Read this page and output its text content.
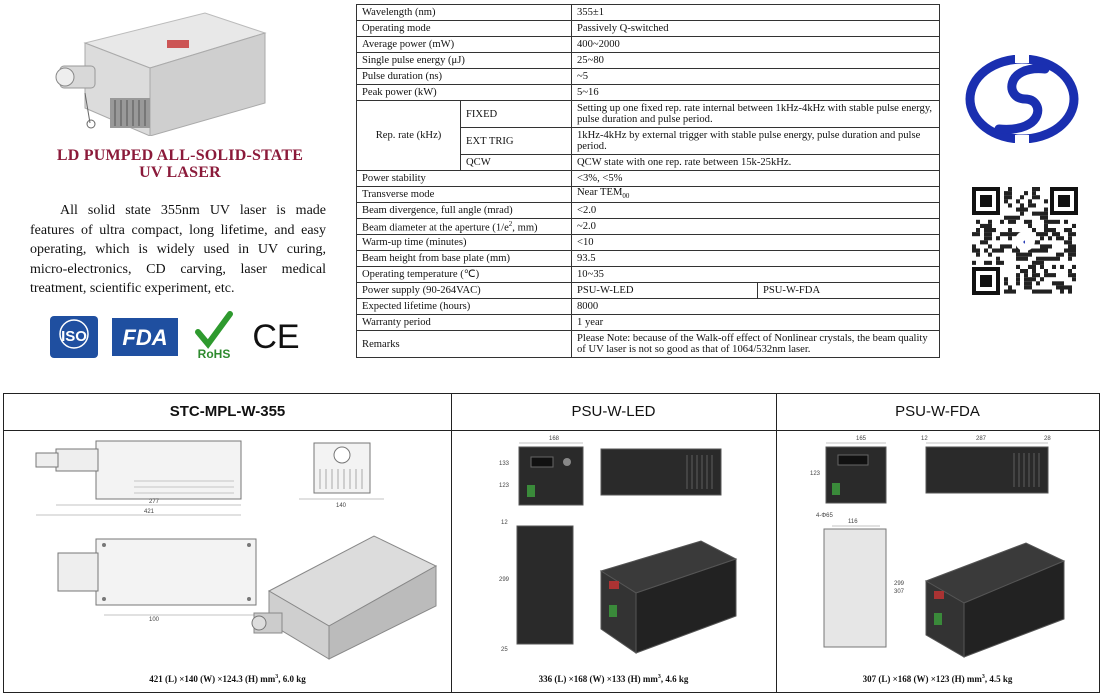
LD PUMPED ALL-SOLID-STATE
UV LASER
All solid state 355nm UV laser is made features of ultra compact, long lifetime, and easy operating, which is widely used in UV curing, micro-electronics, CD carving, laser medical treatment, scientific experiment, etc.
ISO FDA
RoHS CE
Wavelength (nm)		355±1	
Operating mode		Passively Q-switched	
Average power (mW)		400~2000	
Single pulse energy (μJ)		25~80	
Pulse duration (ns)		~5	
Peak power (kW)		5~16	
Rep. rate (kHz)	FIXED	Setting up one fixed rep. rate internal between 1kHz-4kHz with stable pulse energy, pulse duration and pulse period.	
	EXT TRIG	1kHz-4kHz by external trigger with stable pulse energy, pulse duration and pulse period.	
	QCW	QCW state with one rep. rate between 15k-25kHz.	
Power stability		<3%, <5%	
Transverse mode		Near $TEM_{00}$
Beam divergence, full angle (mrad)		<2.0	
Beam diameter at the aperture ($1/e^2$, mm)		~2.0	
Warm-up time (minutes)		<10	
Beam height from base plate (mm)		93.5	
Operating temperature (℃)		10~35	
Power supply (90-264VAC)		PSU-W-LED	PSU-W-FDA
Expected lifetime (hours)		8000	
Warranty period		1 year	
Remarks		Please Note: because of the Walk-off effect of Nonlinear crystals, the beam quality of UV laser is not so good as that of 1064/532nm laser.	
◐
STC-MPL-W-355
277
421
140
100
421 (L) ×140 (W) ×124.3 (H) $mm^3$, 6.0 kg
PSU-W-LED
168
133
123
12
299
25
336 (L) ×168 (W) ×133 (H) $mm^3$, 4.6 kg
PSU-W-FDA
165
123
12	287	28
4-Φ65
116
299
307
307 (L) ×168 (W) ×123 (H) $mm^3$, 4.5 kg
